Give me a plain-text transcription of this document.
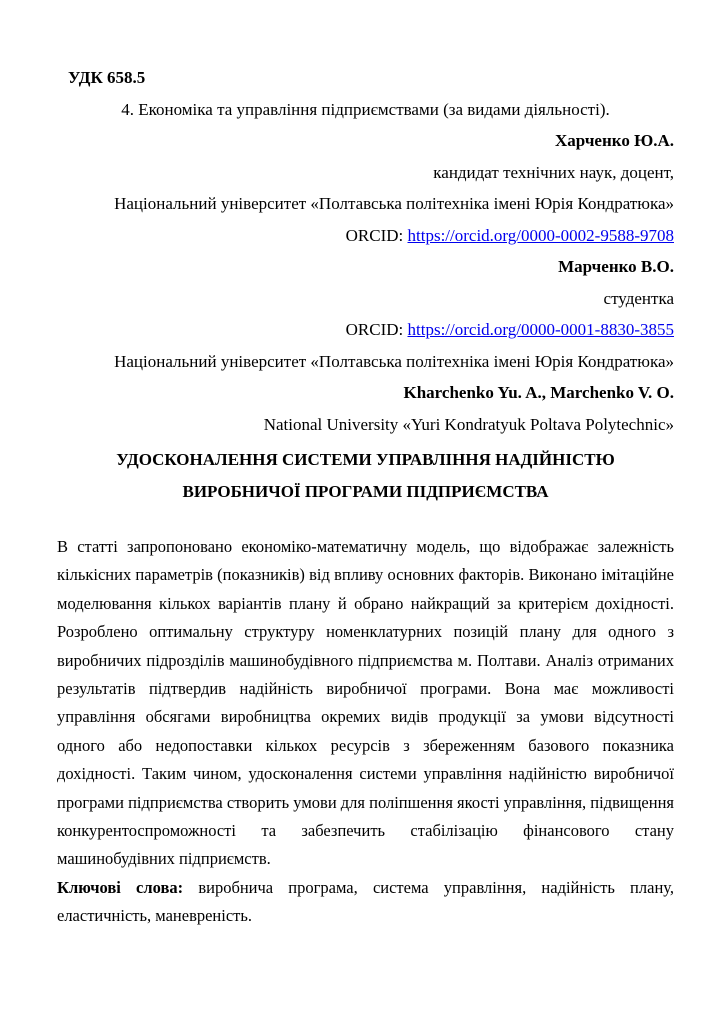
УДК 658.5

4. Економіка та управління підприємствами (за видами діяльності).

Харченко Ю.А.

кандидат технічних наук, доцент,

Національний університет «Полтавська політехніка імені Юрія Кондратюка»

ORCID: https://orcid.org/0000-0002-9588-9708

Марченко В.О.

студентка

ORCID: https://orcid.org/0000-0001-8830-3855

Національний університет «Полтавська політехніка імені Юрія Кондратюка»

Kharchenko Yu. A., Marchenko V. O.

National University «Yuri Kondratyuk Poltava Polytechnic»

УДОСКОНАЛЕННЯ СИСТЕМИ УПРАВЛІННЯ НАДІЙНІСТЮ
ВИРОБНИЧОЇ ПРОГРАМИ ПІДПРИЄМСТВА

В статті запропоновано економіко-математичну модель, що відображає залежність кількісних параметрів (показників) від впливу основних факторів. Виконано імітаційне моделювання кількох варіантів плану й обрано найкращий за критерієм дохідності. Розроблено оптимальну структуру номенклатурних позицій плану для одного з виробничих підрозділів машинобудівного підприємства м. Полтави. Аналіз отриманих результатів підтвердив надійність виробничої програми. Вона має можливості управління обсягами виробництва окремих видів продукції за умови відсутності одного або недопоставки кількох ресурсів з збереженням базового показника дохідності. Таким чином, удосконалення системи управління надійністю виробничої програми підприємства створить умови для поліпшення якості управління, підвищення конкурентоспроможності та забезпечить стабілізацію фінансового стану машинобудівних підприємств.

Ключові слова: виробнича програма, система управління, надійність плану, еластичність, маневреність.
